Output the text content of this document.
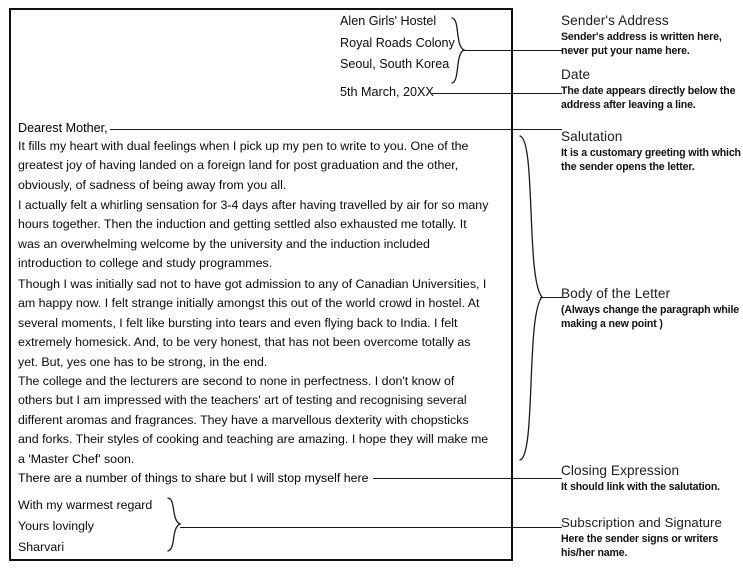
Alen Girls' Hostel
Royal Roads Colony
Seoul, South Korea
5th March, 20XX
Dearest Mother,
It fills my heart with dual feelings when I pick up my pen to write to you. One of the greatest joy of having landed on a foreign land for post graduation and the other, obviously, of sadness of being away from you all.
I actually felt a whirling sensation for 3-4 days after having travelled by air for so many hours together. Then the induction and getting settled also exhausted me totally. It was an overwhelming welcome by the university and the induction included introduction to college and study programmes.
Though I was initially sad not to have got admission to any of Canadian Universities, I am happy now. I felt strange initially amongst this out of the world crowd in hostel. At several moments, I felt like bursting into tears and even flying back to India. I felt extremely homesick. And, to be very honest, that has not been overcome totally as yet. But, yes one has to be strong, in the end.
The college and the lecturers are second to none in perfectness. I don't know of others but I am impressed with the teachers' art of testing and recognising several different aromas and fragrances. They have a marvellous dexterity with chopsticks and forks. Their styles of cooking and teaching are amazing. I hope they will make me a 'Master Chef' soon.
There are a number of things to share but I will stop myself here
With my warmest regard
Yours lovingly
Sharvari
Sender's Address
Sender's address is written here, never put your name here.
Date
The date appears directly below the address after leaving a line.
Salutation
It is a customary greeting with which the sender opens the letter.
Body of the Letter
(Always change the paragraph while making a new point )
Closing Expression
It should link with the salutation.
Subscription and Signature
Here the sender signs or writers his/her name.
